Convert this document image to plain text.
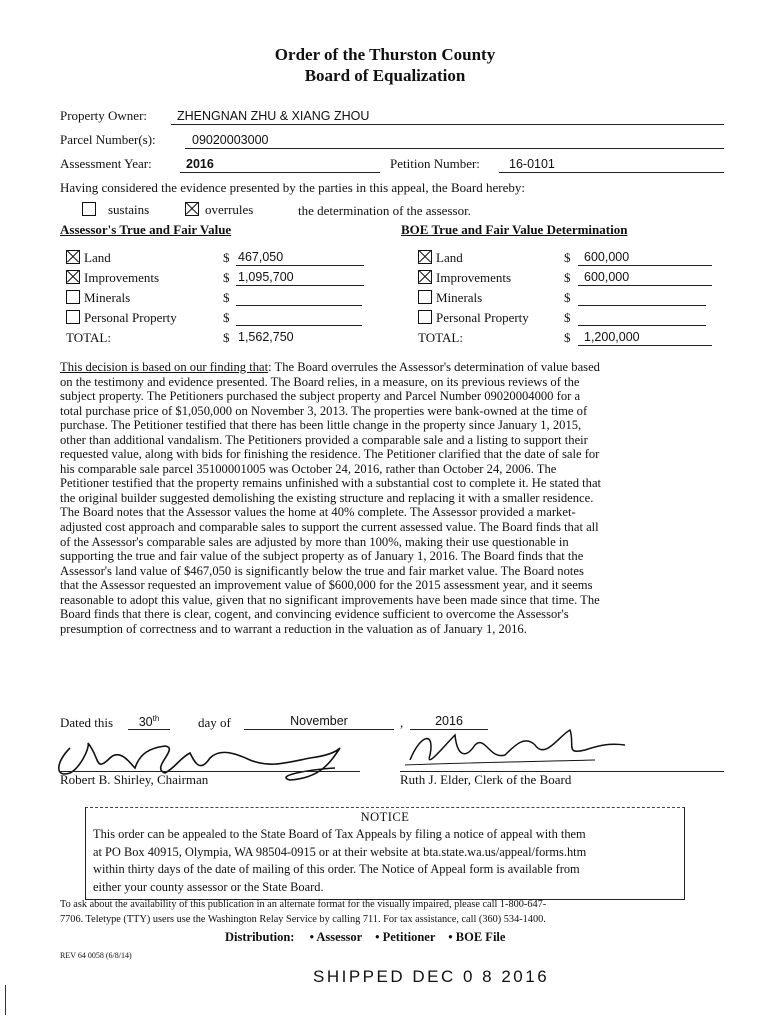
Order of the Thurston County
Board of Equalization
Property Owner:	ZHENGNAN ZHU & XIANG ZHOU
Parcel Number(s):	09020003000
Assessment Year:	2016	Petition Number:	16-0101
Having considered the evidence presented by the parties in this appeal, the Board hereby:
sustains	overrules	the determination of the assessor.
Assessor's True and Fair Value
Land	$ 467,050
Improvements	$ 1,095,700
Minerals	$
Personal Property	$
TOTAL:	$ 1,562,750
BOE True and Fair Value Determination
Land	$	600,000
Improvements	$	600,000
Minerals	$
Personal Property	$
TOTAL:	$	1,200,000
This decision is based on our finding that: The Board overrules the Assessor's determination of value based
on the testimony and evidence presented. The Board relies, in a measure, on its previous reviews of the
subject property. The Petitioners purchased the subject property and Parcel Number 09020004000 for a
total purchase price of $1,050,000 on November 3, 2013. The properties were bank-owned at the time of
purchase. The Petitioner testified that there has been little change in the property since January 1, 2015,
other than additional vandalism. The Petitioners provided a comparable sale and a listing to support their
requested value, along with bids for finishing the residence. The Petitioner clarified that the date of sale for
his comparable sale parcel 35100001005 was October 24, 2016, rather than October 24, 2006. The
Petitioner testified that the property remains unfinished with a substantial cost to complete it. He stated that
the original builder suggested demolishing the existing structure and replacing it with a smaller residence.
The Board notes that the Assessor values the home at 40% complete. The Assessor provided a market-
adjusted cost approach and comparable sales to support the current assessed value. The Board finds that all
of the Assessor's comparable sales are adjusted by more than 100%, making their use questionable in
supporting the true and fair value of the subject property as of January 1, 2016. The Board finds that the
Assessor's land value of $467,050 is significantly below the true and fair market value. The Board notes
that the Assessor requested an improvement value of $600,000 for the 2015 assessment year, and it seems
reasonable to adopt this value, given that no significant improvements have been made since that time. The
Board finds that there is clear, cogent, and convincing evidence sufficient to overcome the Assessor's
presumption of correctness and to warrant a reduction in the valuation as of January 1, 2016.
Dated this	30th	day of	November	,	2016
Robert B. Shirley, Chairman	Ruth J. Elder, Clerk of the Board
NOTICE
This order can be appealed to the State Board of Tax Appeals by filing a notice of appeal with them
at PO Box 40915, Olympia, WA 98504-0915 or at their website at bta.state.wa.us/appeal/forms.htm
within thirty days of the date of mailing of this order. The Notice of Appeal form is available from
either your county assessor or the State Board.
To ask about the availability of this publication in an alternate format for the visually impaired, please call 1-800-647-
7706. Teletype (TTY) users use the Washington Relay Service by calling 711. For tax assistance, call (360) 534-1400.
Distribution: • Assessor • Petitioner • BOE File
REV 64 0058 (6/8/14)
SHIPPED DEC 0 8 2016
